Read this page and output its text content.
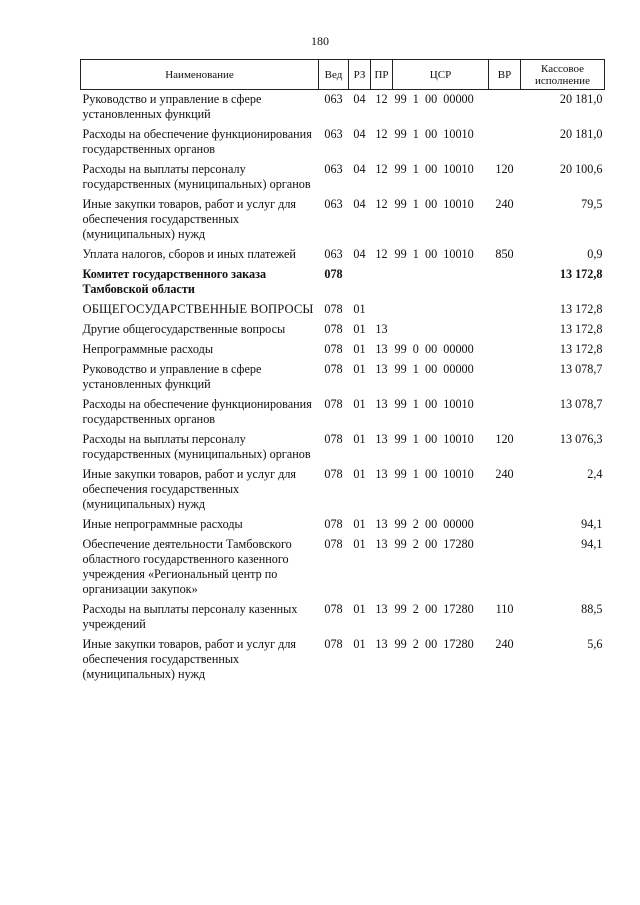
180
Наименование	Вед	РЗ	ПР	ЦСР	ВР	Кассовое исполнение
Руководство и управление в сфере установленных функций	063	04	12	99  1  00  00000		20 181,0
Расходы на обеспечение функционирования государственных органов	063	04	12	99  1  00  10010		20 181,0
Расходы на выплаты персоналу государственных (муниципальных) органов	063	04	12	99  1  00  10010	120	20 100,6
Иные закупки товаров, работ и услуг для обеспечения государственных (муниципальных) нужд	063	04	12	99  1  00  10010	240	79,5
Уплата налогов, сборов и иных платежей	063	04	12	99  1  00  10010	850	0,9
Комитет государственного заказа Тамбовской области	078					13 172,8
ОБЩЕГОСУДАРСТВЕННЫЕ ВОПРОСЫ	078	01				13 172,8
Другие общегосударственные вопросы	078	01	13			13 172,8
Непрограммные расходы	078	01	13	99  0  00  00000		13 172,8
Руководство и управление в сфере установленных функций	078	01	13	99  1  00  00000		13 078,7
Расходы на обеспечение функционирования государственных органов	078	01	13	99  1  00  10010		13 078,7
Расходы на выплаты персоналу государственных (муниципальных) органов	078	01	13	99  1  00  10010	120	13 076,3
Иные закупки товаров, работ и услуг для обеспечения государственных (муниципальных) нужд	078	01	13	99  1  00  10010	240	2,4
Иные непрограммные расходы	078	01	13	99  2  00  00000		94,1
Обеспечение деятельности Тамбовского областного государственного казенного учреждения «Региональный центр по организации закупок»	078	01	13	99  2  00  17280		94,1
Расходы на выплаты персоналу казенных учреждений	078	01	13	99  2  00  17280	110	88,5
Иные закупки товаров, работ и услуг для обеспечения государственных (муниципальных) нужд	078	01	13	99  2  00  17280	240	5,6
